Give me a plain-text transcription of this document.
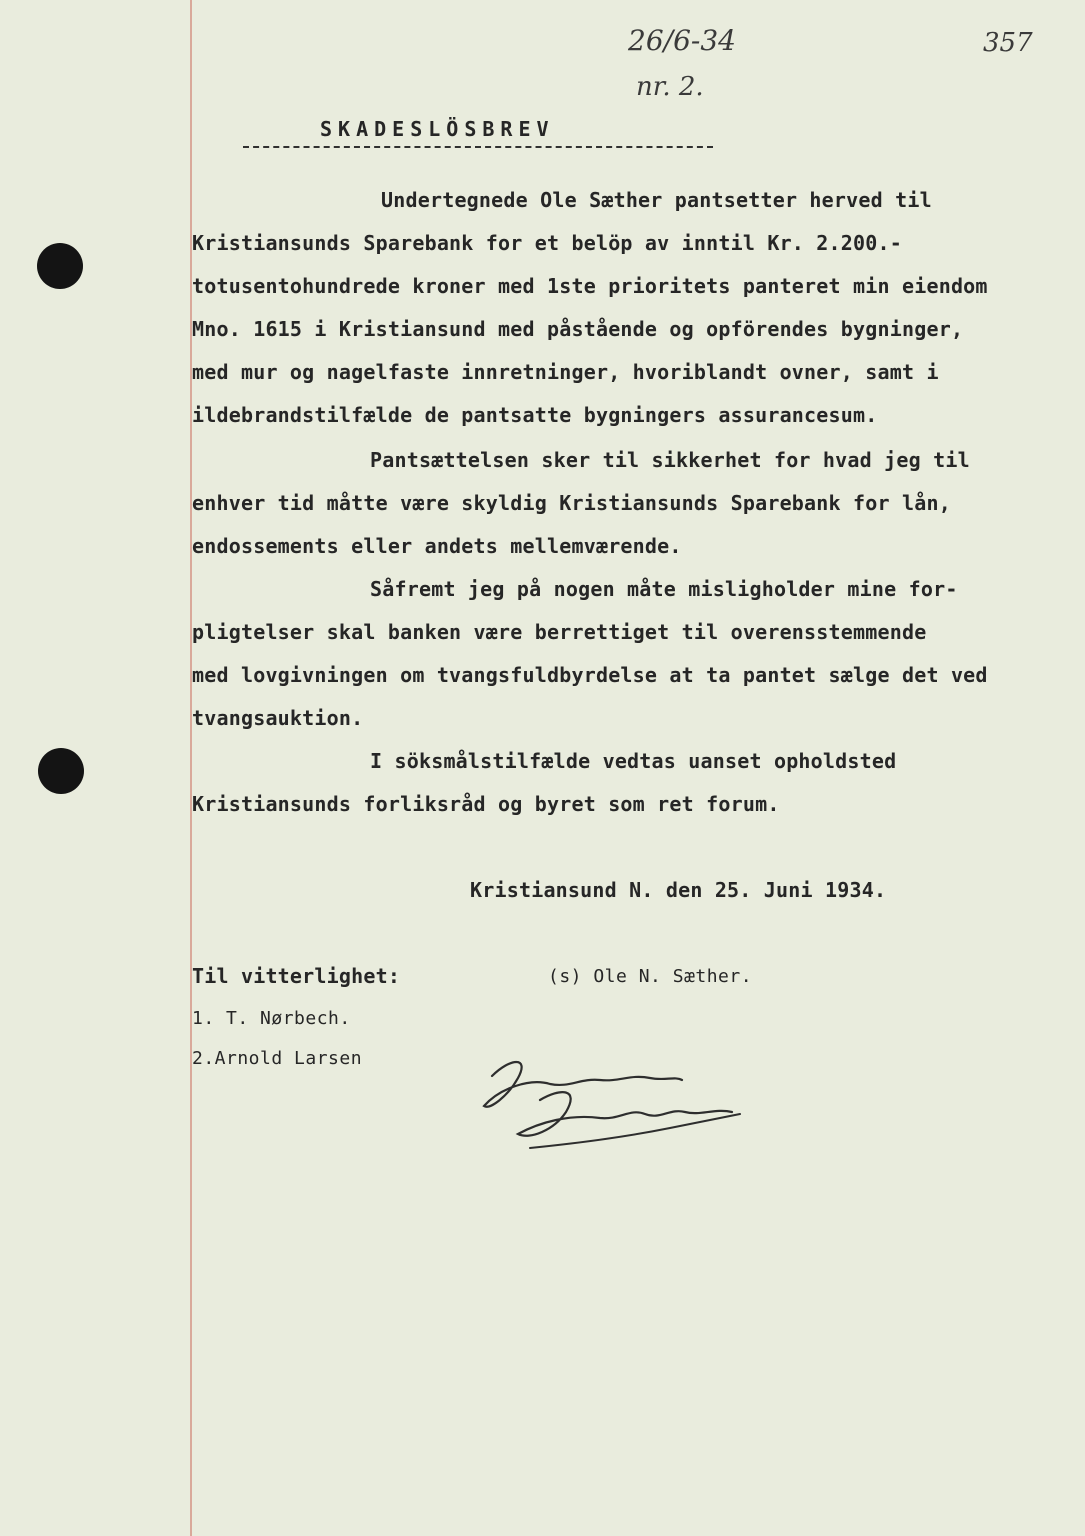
26/6-34
nr. 2.
357
SKADESLÖSBREV
Undertegnede Ole Sæther pantsetter herved til
Kristiansunds Sparebank for et belöp av inntil Kr. 2.200.-
totusentohundrede kroner med 1ste prioritets panteret min eiendom
Mno. 1615 i Kristiansund med påstående og opförendes bygninger,
med mur og nagelfaste innretninger, hvoriblandt ovner, samt i
ildebrandstilfælde de pantsatte bygningers assurancesum.
Pantsættelsen sker til sikkerhet for hvad jeg til
enhver tid måtte være skyldig Kristiansunds Sparebank for lån,
endossements eller andets mellemværende.
Såfremt jeg på nogen måte misligholder mine for-
pligtelser skal banken være berrettiget til overensstemmende
med lovgivningen om tvangsfuldbyrdelse at ta pantet sælge det ved
tvangsauktion.
I söksmålstilfælde vedtas uanset opholdsted
Kristiansunds forliksråd og byret som ret forum.
Kristiansund N. den 25. Juni 1934.
Til vitterlighet:	(s) Ole N. Sæther.
1. T. Nørbech.
2.Arnold Larsen
